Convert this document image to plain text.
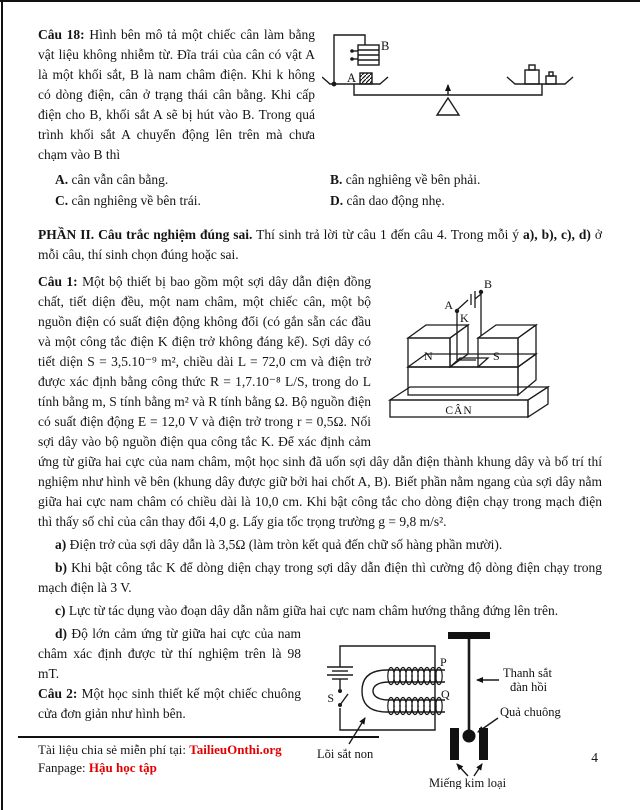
B
A

Câu 18: Hình bên mô tả một chiếc cân làm bằng vật liệu không nhiễm từ. Đĩa trái của cân có vật A là một khối sắt, B là nam châm điện. Khi k hông có dòng điện, cân ở trạng thái cân bằng. Khi cấp điện cho B, khối sắt A sẽ bị hút vào B. Trong quá trình khối sắt A chuyển động lên trên mà chưa chạm vào B thì

A. cân vẫn cân bằng.	B. cân nghiêng về bên phải.
C. cân nghiêng về bên trái.	D. cân dao động nhẹ.

PHẦN II. Câu trắc nghiệm đúng sai. Thí sinh trả lời từ câu 1 đến câu 4. Trong mỗi ý a), b), c), d) ở mỗi câu, thí sinh chọn đúng hoặc sai.

A
B
K
N	S
CÂN

Câu 1: Một bộ thiết bị bao gồm một sợi dây dẫn điện đồng chất, tiết diện đều, một nam châm, một chiếc cân, một bộ nguồn điện có suất điện động không đổi (có gắn sẵn các đầu và một công tắc điện K điện trở không đáng kể). Sợi dây có tiết diện S = 3,5.10⁻⁹ m², chiều dài L = 72,0 cm và điện trở được xác định bằng công thức R = 1,7.10⁻⁸ L/S, trong do L tính bằng m, S tính bằng m² và R tính bằng Ω. Bộ nguồn điện có suất điện động E = 12,0 V và điện trở trong r = 0,5Ω. Nối sợi dây vào bộ nguồn điện qua công tắc K. Để xác định cảm ứng từ giữa hai cực của nam châm, một học sinh đã uốn sợi dây dẫn điện thành khung dây và bố trí thí nghiệm như hình vẽ bên (khung dây được giữ bởi hai chốt A, B). Biết phần nằm ngang của sợi dây nằm giữa hai cực nam châm có chiều dài là 10,0 cm. Khi bật công tắc cho dòng điện chạy trong mạch điện thì thấy số chỉ của cân thay đổi 4,0 g. Lấy gia tốc trọng trường g = 9,8 m/s².

a) Điện trở của sợi dây dẫn là 3,5Ω (làm tròn kết quả đến chữ số hàng phần mười).

b) Khi bật công tắc K để dòng diện chạy trong sợi dây dẫn điện thì cường độ dòng điện chạy trong mạch điện là 3 V.

c) Lực từ tác dụng vào đoạn dây dẫn nằm giữa hai cực nam châm hướng thẳng đứng lên trên.

S
P
Q
Lõi sắt non
Thanh sắt
đàn hồi
Quả chuông
Miếng kim loại

d) Độ lớn cảm ứng từ giữa hai cực của nam châm xác định được từ thí nghiệm trên là 98 mT.

Câu 2: Một học sinh thiết kế một chiếc chuông cửa đơn giản như hình bên.

Tài liệu chia sẻ miễn phí tại: TailieuOnthi.org
Fanpage: Hậu học tập
4
